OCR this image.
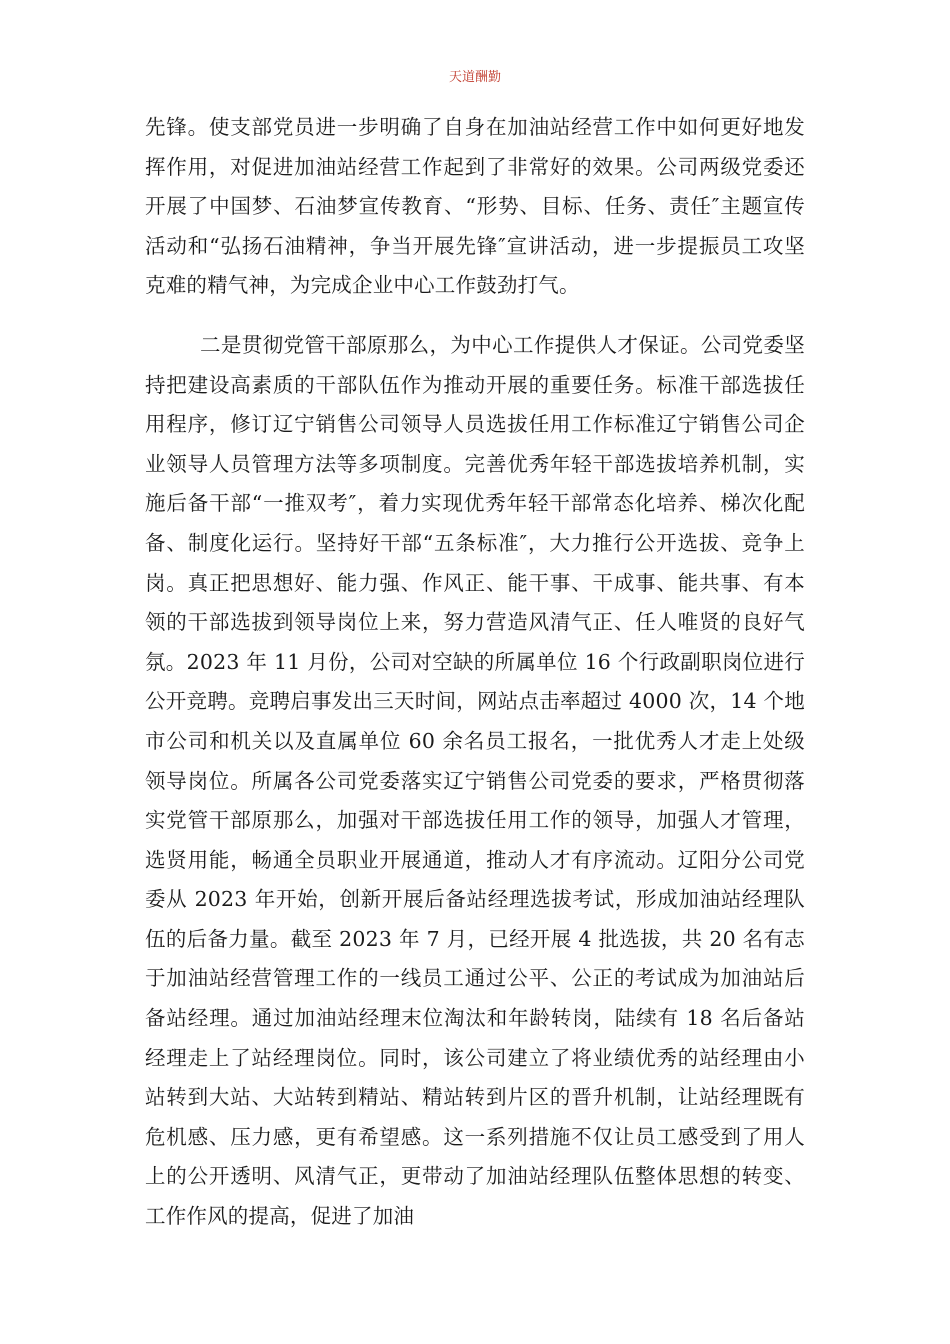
天道酬勤

先锋。使支部党员进一步明确了自身在加油站经营工作中如何更好地发挥作用，对促进加油站经营工作起到了非常好的效果。公司两级党委还开展了中国梦、石油梦宣传教育、“形势、目标、任务、责任″主题宣传活动和“弘扬石油精神，争当开展先锋″宣讲活动，进一步提振员工攻坚克难的精气神，为完成企业中心工作鼓劲打气。

二是贯彻党管干部原那么，为中心工作提供人才保证。公司党委坚持把建设高素质的干部队伍作为推动开展的重要任务。标准干部选拔任用程序，修订辽宁销售公司领导人员选拔任用工作标准辽宁销售公司企业领导人员管理方法等多项制度。完善优秀年轻干部选拔培养机制，实施后备干部“一推双考″，着力实现优秀年轻干部常态化培养、梯次化配备、制度化运行。坚持好干部“五条标准″，大力推行公开选拔、竞争上岗。真正把思想好、能力强、作风正、能干事、干成事、能共事、有本领的干部选拔到领导岗位上来，努力营造风清气正、任人唯贤的良好气氛。2023 年 11 月份，公司对空缺的所属单位 16 个行政副职岗位进行公开竞聘。竞聘启事发出三天时间，网站点击率超过 4000 次，14 个地市公司和机关以及直属单位 60 余名员工报名，一批优秀人才走上处级领导岗位。所属各公司党委落实辽宁销售公司党委的要求，严格贯彻落实党管干部原那么，加强对干部选拔任用工作的领导，加强人才管理，选贤用能，畅通全员职业开展通道，推动人才有序流动。辽阳分公司党委从 2023 年开始，创新开展后备站经理选拔考试，形成加油站经理队伍的后备力量。截至 2023 年 7 月，已经开展 4 批选拔，共 20 名有志于加油站经营管理工作的一线员工通过公平、公正的考试成为加油站后备站经理。通过加油站经理末位淘汰和年龄转岗，陆续有 18 名后备站经理走上了站经理岗位。同时，该公司建立了将业绩优秀的站经理由小站转到大站、大站转到精站、精站转到片区的晋升机制，让站经理既有危机感、压力感，更有希望感。这一系列措施不仅让员工感受到了用人上的公开透明、风清气正，更带动了加油站经理队伍整体思想的转变、工作作风的提高，促进了加油
